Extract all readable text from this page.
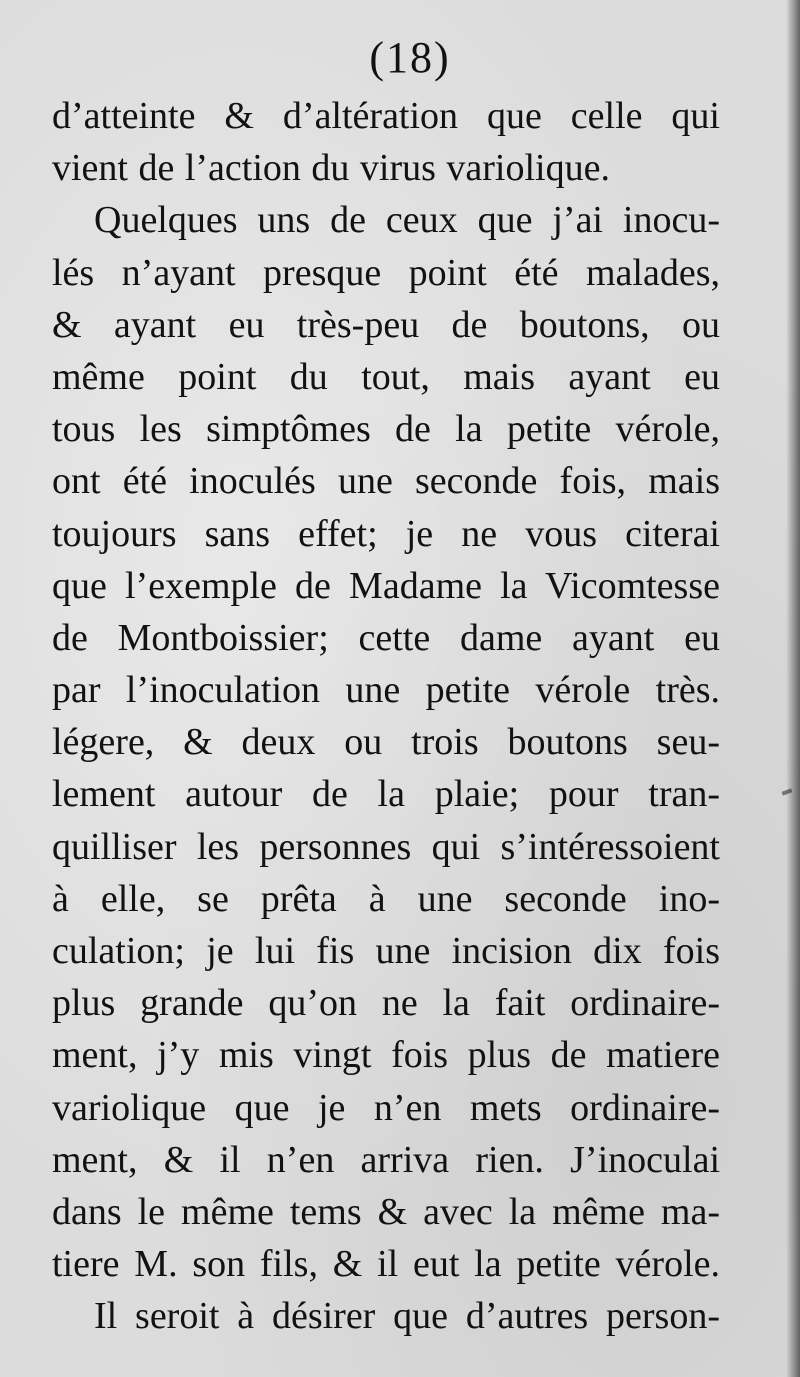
(18)
d’atteinte & d’altération que celle qui
vient de l’action du virus variolique.
Quelques uns de ceux que j’ai inocu-
lés n’ayant presque point été malades,
& ayant eu très-peu de boutons, ou
même point du tout, mais ayant eu
tous les simptômes de la petite vérole,
ont été inoculés une seconde fois, mais
toujours sans effet; je ne vous citerai
que l’exemple de Madame la Vicomtesse
de Montboissier; cette dame ayant eu
par l’inoculation une petite vérole très.
légere, & deux ou trois boutons seu-
lement autour de la plaie; pour tran-
quilliser les personnes qui s’intéressoient
à elle, se prêta à une seconde ino-
culation; je lui fis une incision dix fois
plus grande qu’on ne la fait ordinaire-
ment, j’y mis vingt fois plus de matiere
variolique que je n’en mets ordinaire-
ment, & il n’en arriva rien. J’inoculai
dans le même tems & avec la même ma-
tiere M. son fils, & il eut la petite vérole.
Il seroit à désirer que d’autres person-
